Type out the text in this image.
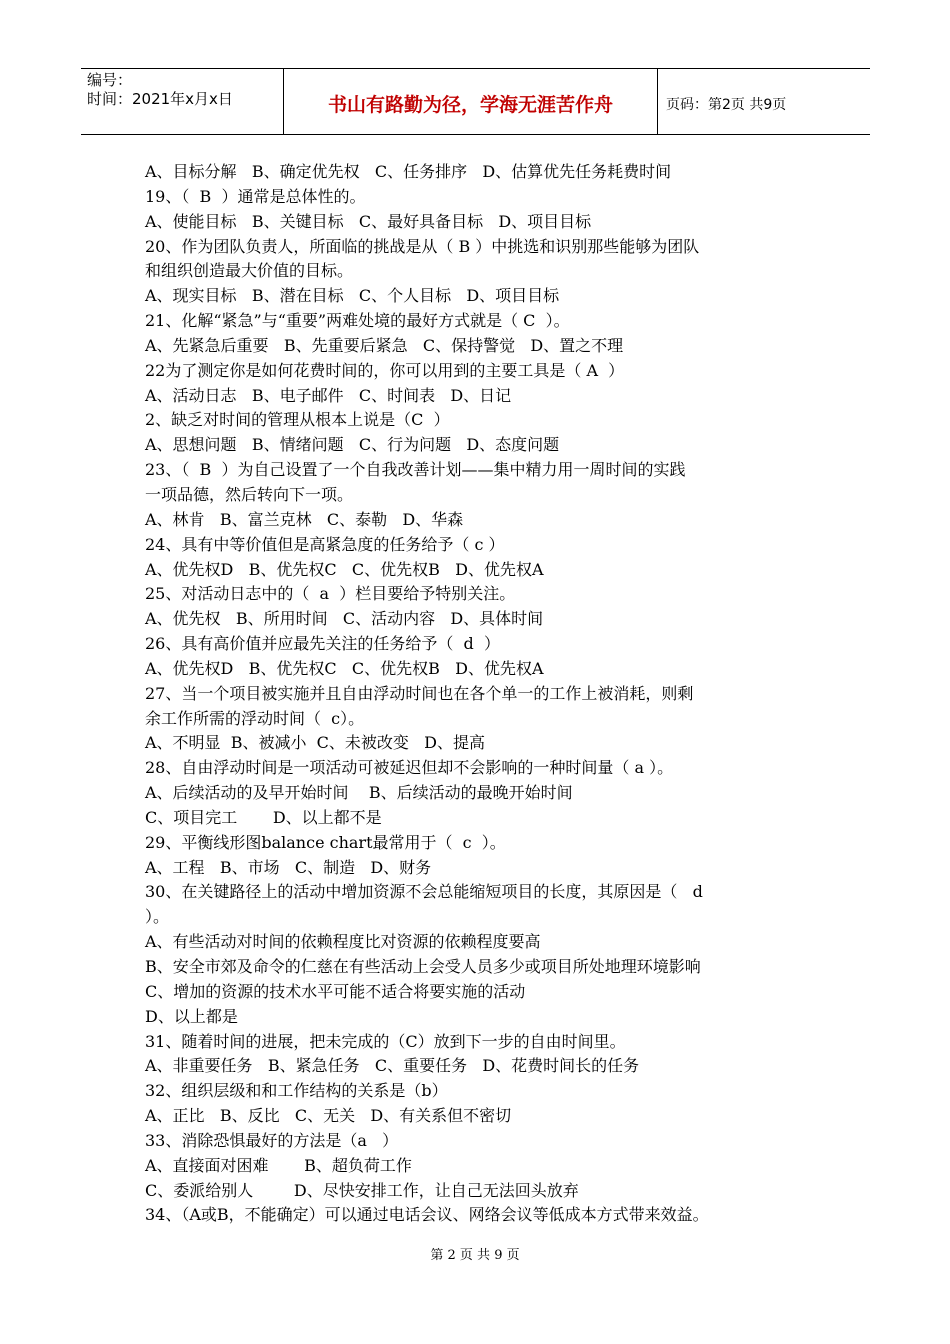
编号：
时间：2021年x月x日	书山有路勤为径，学海无涯苦作舟	页码：第2页 共9页
A、目标分解   B、确定优先权   C、任务排序   D、估算优先任务耗费时间
19、（  B  ）通常是总体性的。
A、使能目标   B、关键目标   C、最好具备目标   D、项目目标
20、作为团队负责人，所面临的挑战是从（ B ）中挑选和识别那些能够为团队
和组织创造最大价值的目标。
A、现实目标   B、潜在目标   C、个人目标   D、项目目标
21、化解“紧急”与“重要”两难处境的最好方式就是（ C  ）。
A、先紧急后重要   B、先重要后紧急   C、保持警觉   D、置之不理
22为了测定你是如何花费时间的，你可以用到的主要工具是（ A  ）
A、活动日志   B、电子邮件   C、时间表   D、日记
2、缺乏对时间的管理从根本上说是（C  ）
A、思想问题   B、情绪问题   C、行为问题   D、态度问题
23、（  B  ）为自己设置了一个自我改善计划——集中精力用一周时间的实践
一项品德，然后转向下一项。
A、林肯   B、富兰克林   C、泰勒   D、华森
24、具有中等价值但是高紧急度的任务给予（ c ）
A、优先权D   B、优先权C   C、优先权B   D、优先权A
25、对活动日志中的（  a  ）栏目要给予特别关注。
A、优先权   B、所用时间   C、活动内容   D、具体时间
26、具有高价值并应最先关注的任务给予（  d  ）
A、优先权D   B、优先权C   C、优先权B   D、优先权A
27、当一个项目被实施并且自由浮动时间也在各个单一的工作上被消耗，则剩
余工作所需的浮动时间（  c）。
A、不明显  B、被减小  C、未被改变   D、提高
28、自由浮动时间是一项活动可被延迟但却不会影响的一种时间量（ a ）。
A、后续活动的及早开始时间    B、后续活动的最晚开始时间
C、项目完工       D、以上都不是
29、平衡线形图balance chart最常用于（  c  ）。
A、工程   B、市场   C、制造   D、财务
30、在关键路径上的活动中增加资源不会总能缩短项目的长度，其原因是（   d
）。
A、有些活动对时间的依赖程度比对资源的依赖程度要高
B、安全市郊及命令的仁慈在有些活动上会受人员多少或项目所处地理环境影响
C、增加的资源的技术水平可能不适合将要实施的活动
D、以上都是
31、随着时间的进展，把未完成的（C）放到下一步的自由时间里。
A、非重要任务   B、紧急任务   C、重要任务   D、花费时间长的任务
32、组织层级和和工作结构的关系是（b）
A、正比   B、反比   C、无关   D、有关系但不密切
33、消除恐惧最好的方法是（a   ）
A、直接面对困难       B、超负荷工作
C、委派给别人        D、尽快安排工作，让自己无法回头放弃
34、（A或B，不能确定）可以通过电话会议、网络会议等低成本方式带来效益。
第 2 页 共 9 页
